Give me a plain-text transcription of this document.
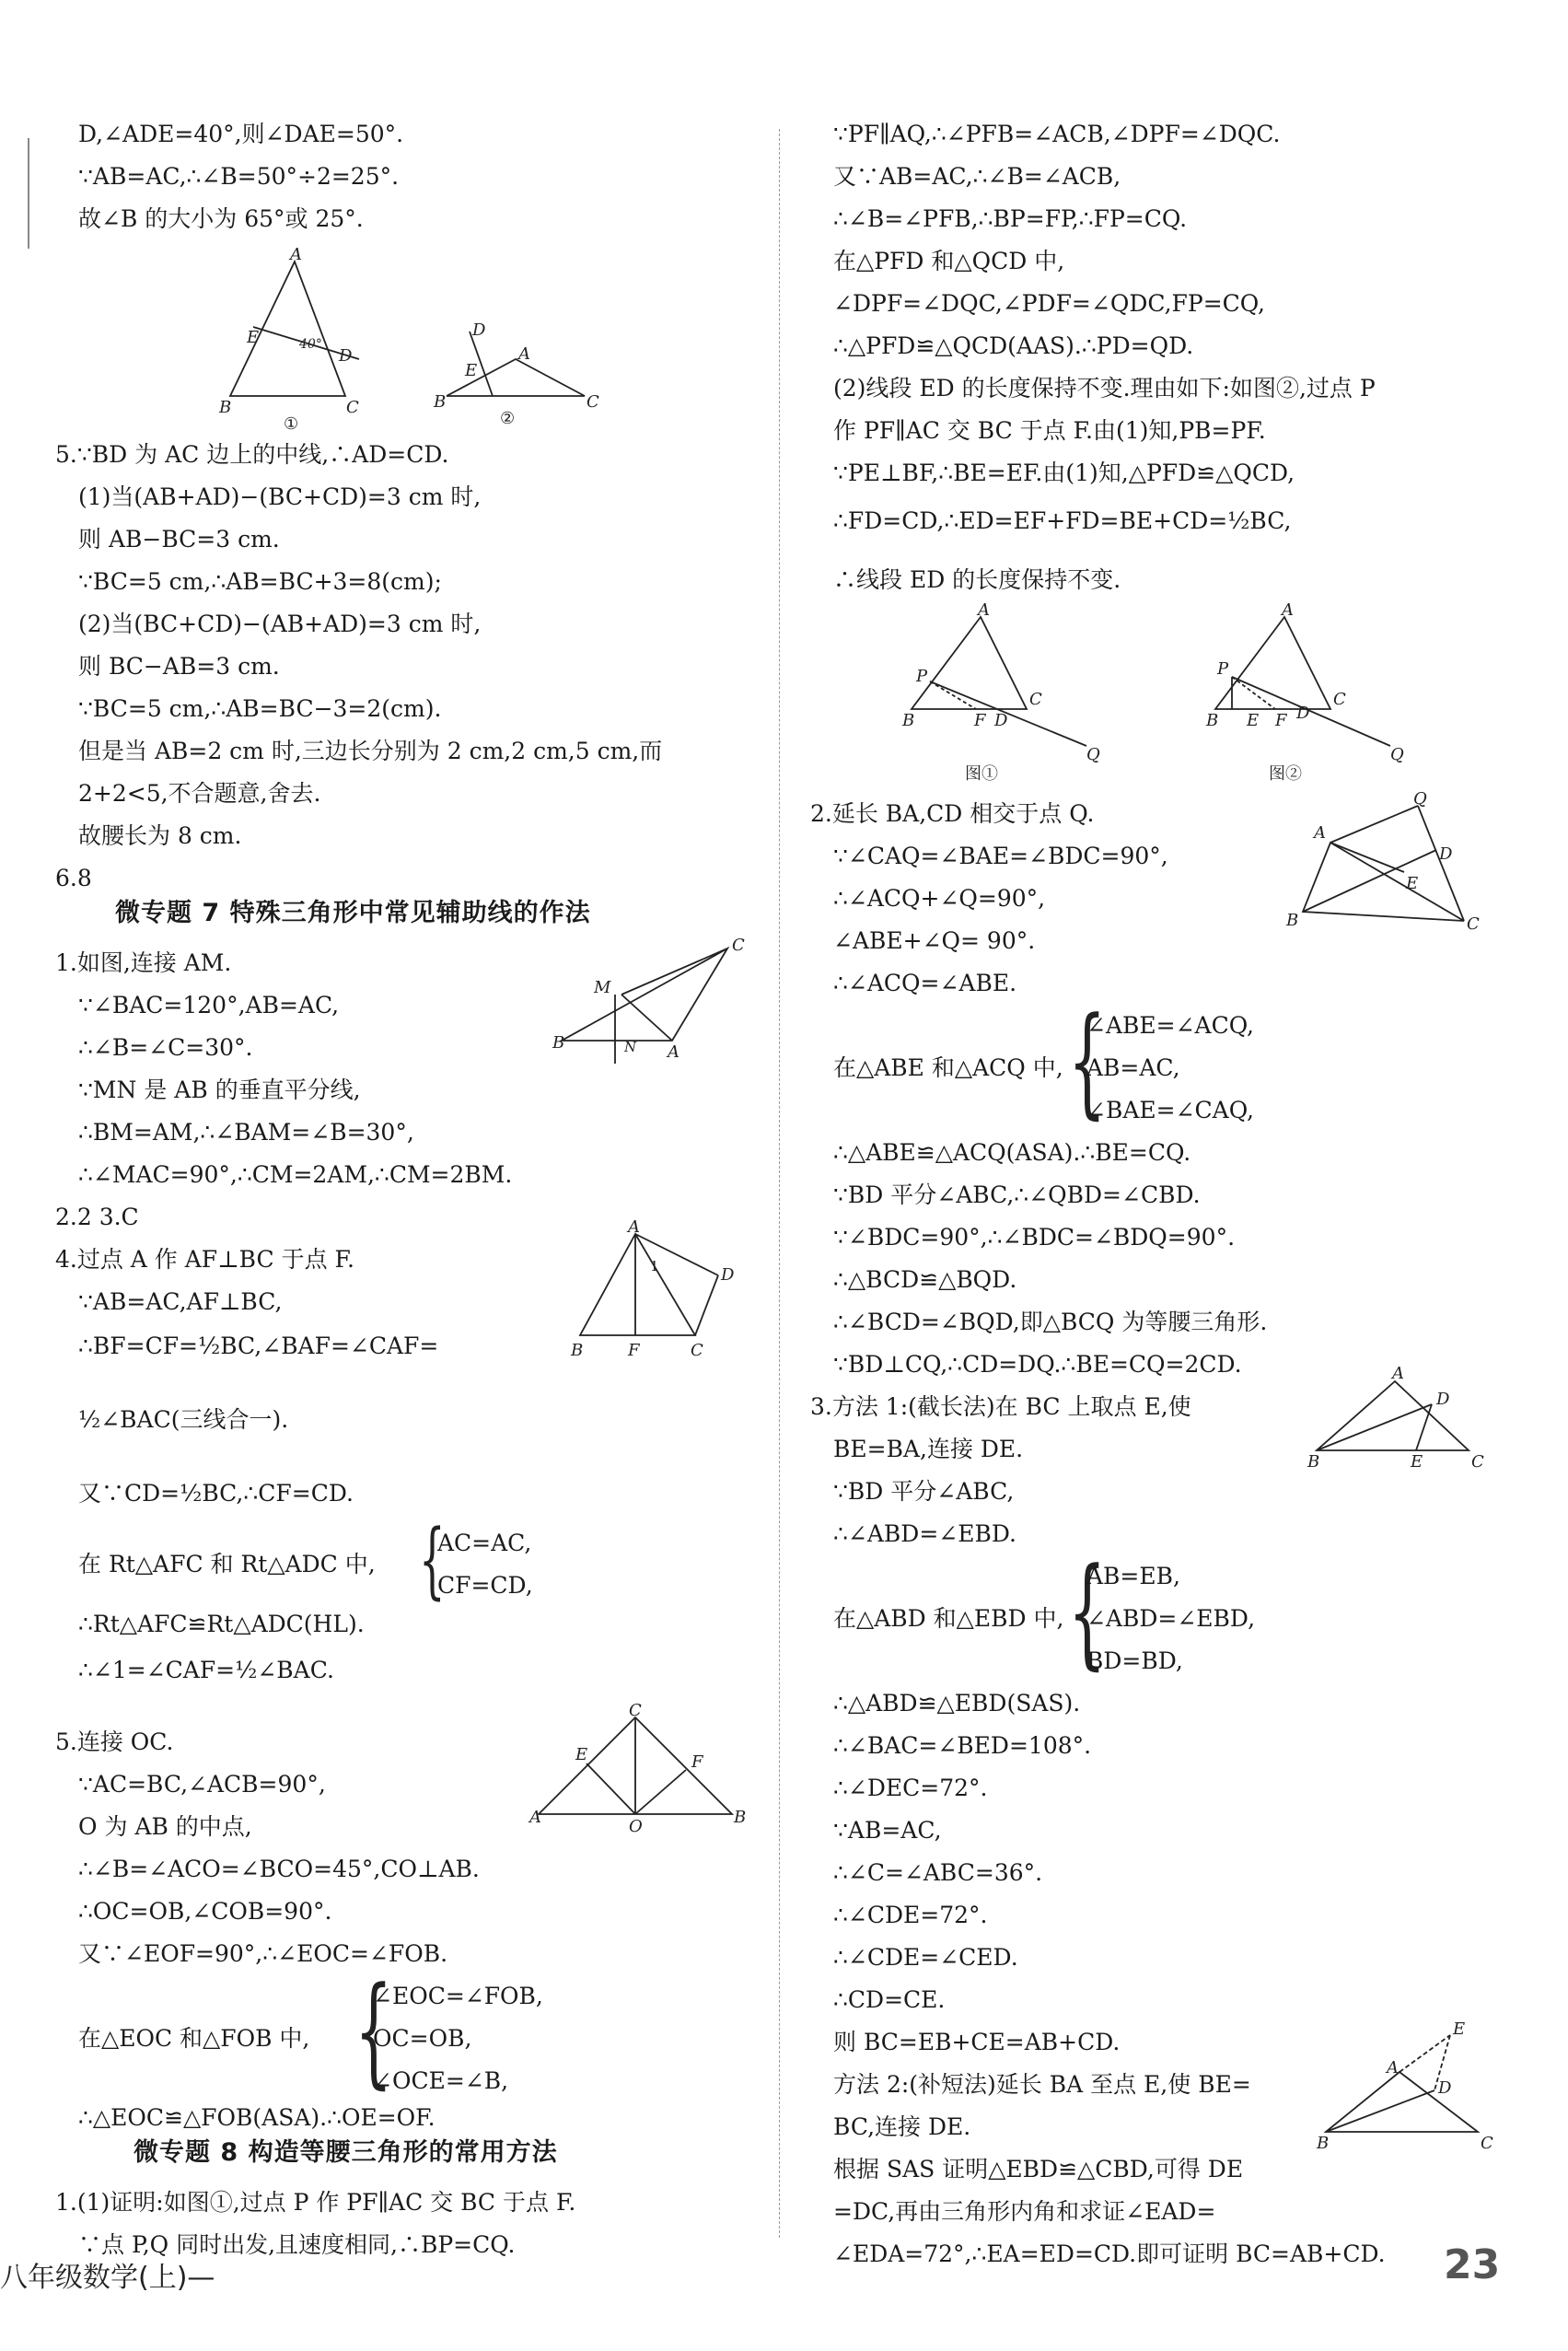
微专题 7 特殊三角形中常见辅助线的作法
微专题 8 构造等腰三角形的常用方法
{
{
D,∠ADE=40°,则∠DAE=50°.
∵AB=AC,∴∠B=50°÷2=25°.
故∠B 的大小为 65°或 25°.
5.∵BD 为 AC 边上的中线,∴AD=CD.
(1)当(AB+AD)−(BC+CD)=3 cm 时,
则 AB−BC=3 cm.
∵BC=5 cm,∴AB=BC+3=8(cm);
(2)当(BC+CD)−(AB+AD)=3 cm 时,
则 BC−AB=3 cm.
∵BC=5 cm,∴AB=BC−3=2(cm).
但是当 AB=2 cm 时,三边长分别为 2 cm,2 cm,5 cm,而
2+2<5,不合题意,舍去.
故腰长为 8 cm.
6.8
1.如图,连接 AM.
∵∠BAC=120°,AB=AC,
∴∠B=∠C=30°.
∵MN 是 AB 的垂直平分线,
∴BM=AM,∴∠BAM=∠B=30°,
∴∠MAC=90°,∴CM=2AM,∴CM=2BM.
2.2 3.C
4.过点 A 作 AF⊥BC 于点 F.
∵AB=AC,AF⊥BC,
∴BF=CF=½BC,∠BAF=∠CAF=
½∠BAC(三线合一).
又∵CD=½BC,∴CF=CD.
在 Rt△AFC 和 Rt△ADC 中,
∴Rt△AFC≌Rt△ADC(HL).
∴∠1=∠CAF=½∠BAC.
5.连接 OC.
∵AC=BC,∠ACB=90°,
O 为 AB 的中点,
∴∠B=∠ACO=∠BCO=45°,CO⊥AB.
∴OC=OB,∠COB=90°.
又∵∠EOF=90°,∴∠EOC=∠FOB.
在△EOC 和△FOB 中,
∴△EOC≌△FOB(ASA).∴OE=OF.
1.(1)证明:如图①,过点 P 作 PF∥AC 交 BC 于点 F.
∵点 P,Q 同时出发,且速度相同,∴BP=CQ.
AC=AC,
CF=CD,
∠EOC=∠FOB,
OC=OB,
∠OCE=∠B,
{
{
∵PF∥AQ,∴∠PFB=∠ACB,∠DPF=∠DQC.
又∵AB=AC,∴∠B=∠ACB,
∴∠B=∠PFB,∴BP=FP,∴FP=CQ.
在△PFD 和△QCD 中,
∠DPF=∠DQC,∠PDF=∠QDC,FP=CQ,
∴△PFD≌△QCD(AAS).∴PD=QD.
(2)线段 ED 的长度保持不变.理由如下:如图②,过点 P
作 PF∥AC 交 BC 于点 F.由(1)知,PB=PF.
∵PE⊥BF,∴BE=EF.由(1)知,△PFD≌△QCD,
∴FD=CD,∴ED=EF+FD=BE+CD=½BC,
∴线段 ED 的长度保持不变.
2.延长 BA,CD 相交于点 Q.
∵∠CAQ=∠BAE=∠BDC=90°,
∴∠ACQ+∠Q=90°,
∠ABE+∠Q= 90°.
∴∠ACQ=∠ABE.
在△ABE 和△ACQ 中,
∴△ABE≌△ACQ(ASA).∴BE=CQ.
∵BD 平分∠ABC,∴∠QBD=∠CBD.
∵∠BDC=90°,∴∠BDC=∠BDQ=90°.
∴△BCD≌△BQD.
∴∠BCD=∠BQD,即△BCQ 为等腰三角形.
∵BD⊥CQ,∴CD=DQ.∴BE=CQ=2CD.
3.方法 1:(截长法)在 BC 上取点 E,使
BE=BA,连接 DE.
∵BD 平分∠ABC,
∴∠ABD=∠EBD.
在△ABD 和△EBD 中,
∴△ABD≌△EBD(SAS).
∴∠BAC=∠BED=108°.
∴∠DEC=72°.
∵AB=AC,
∴∠C=∠ABC=36°.
∴∠CDE=72°.
∴∠CDE=∠CED.
∴CD=CE.
则 BC=EB+CE=AB+CD.
方法 2:(补短法)延长 BA 至点 E,使 BE=
BC,连接 DE.
根据 SAS 证明△EBD≌△CBD,可得 DE
=DC,再由三角形内角和求证∠EAD=
∠EDA=72°,∴EA=ED=CD.即可证明 BC=AB+CD.
∠ABE=∠ACQ,
AB=AC,
∠BAE=∠CAQ,
AB=EB,
∠ABD=∠EBD,
BD=BD,
A
B	C
E
D
40°
①
A
B	C
D
E
②
C
M
B	N A
A
B	F	C
D
1
C
A	B
E	F
O
A
P
B	F D
C
Q
图①
A
P
B E F D
C
Q
图②
Q
A
D
E
B	C
A
D
B	E	C
E
A
D
B	C
八年级数学(上)—	23
